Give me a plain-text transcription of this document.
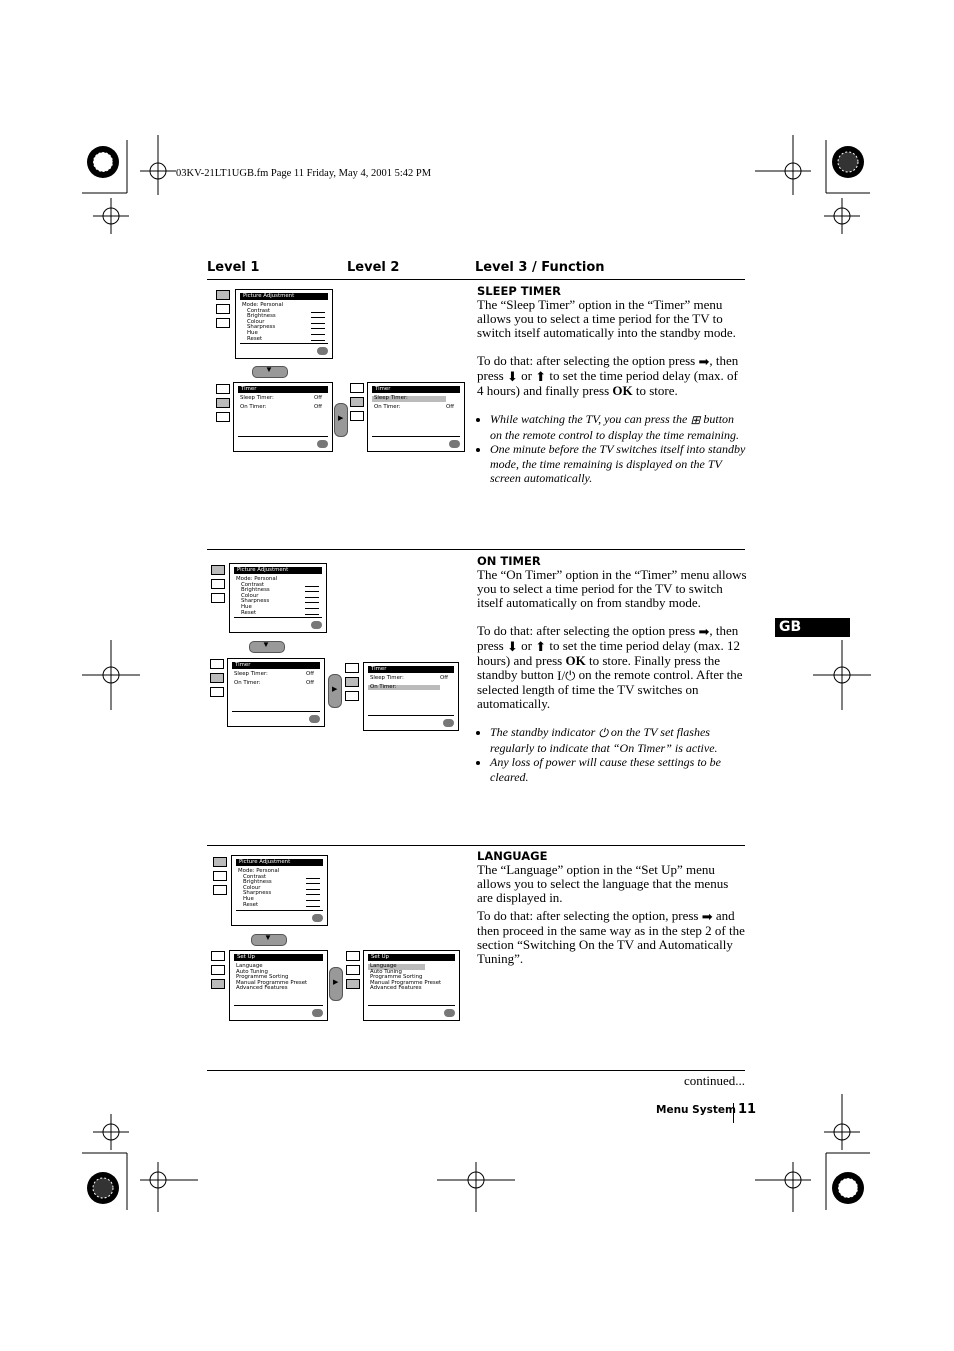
03KV-21LT1UGB.fm Page 11 Friday, May 4, 2001 5:42 PM
Level 1	Level 2	Level 3 / Function
Picture Adjustment
Mode: Personal
Contrast
Brightness
Colour
Sharpness
Hue
Reset
▼
Timer
Sleep Timer:	Off
On Timer:	Off
▶
Timer
Sleep Timer:
On Timer:	Off
SLEEP TIMER

The “Sleep Timer” option in the “Timer” menu allows you to select a time period for the TV to switch itself automatically into the standby mode.

To do that: after selecting the option press ➡, then press ⬇ or ⬆ to set the time period delay (max. of 4 hours) and finally press OK to store.

• While watching the TV, you can press the ⊞ button on the remote control to display the time remaining.
• One minute before the TV switches itself into standby mode, the time remaining is displayed on the TV screen automatically.
Picture Adjustment
Mode: Personal
Contrast
Brightness
Colour
Sharpness
Hue
Reset
▼
Timer
Sleep Timer:	Off
On Timer:	Off
▶
Timer
Sleep Timer:	Off
On Timer:
ON TIMER

The “On Timer” option in the “Timer” menu allows you to select a time period for the TV to switch itself automatically on from standby mode.

To do that: after selecting the option press ➡, then press ⬇ or ⬆ to set the time period delay (max. 12 hours) and press OK to store. Finally press the standby button I/⏻ on the remote control. After the selected length of time the TV switches on automatically.

• The standby indicator ⏻ on the TV set flashes regularly to indicate that “On Timer” is active.
• Any loss of power will cause these settings to be cleared.
GB
Picture Adjustment
Mode: Personal
Contrast
Brightness
Colour
Sharpness
Hue
Reset
▼
Set Up
Language
Auto Tuning
Programme Sorting
Manual Programme Preset
Advanced Features
▶
Set Up
Language
Auto Tuning
Programme Sorting
Manual Programme Preset
Advanced Features
LANGUAGE

The “Language” option in the “Set Up” menu allows you to select the language that the menus are displayed in.

To do that: after selecting the option, press ➡ and then proceed in the same way as in the step 2 of the section “Switching On the TV and Automatically Tuning”.

continued...
Menu System 11
